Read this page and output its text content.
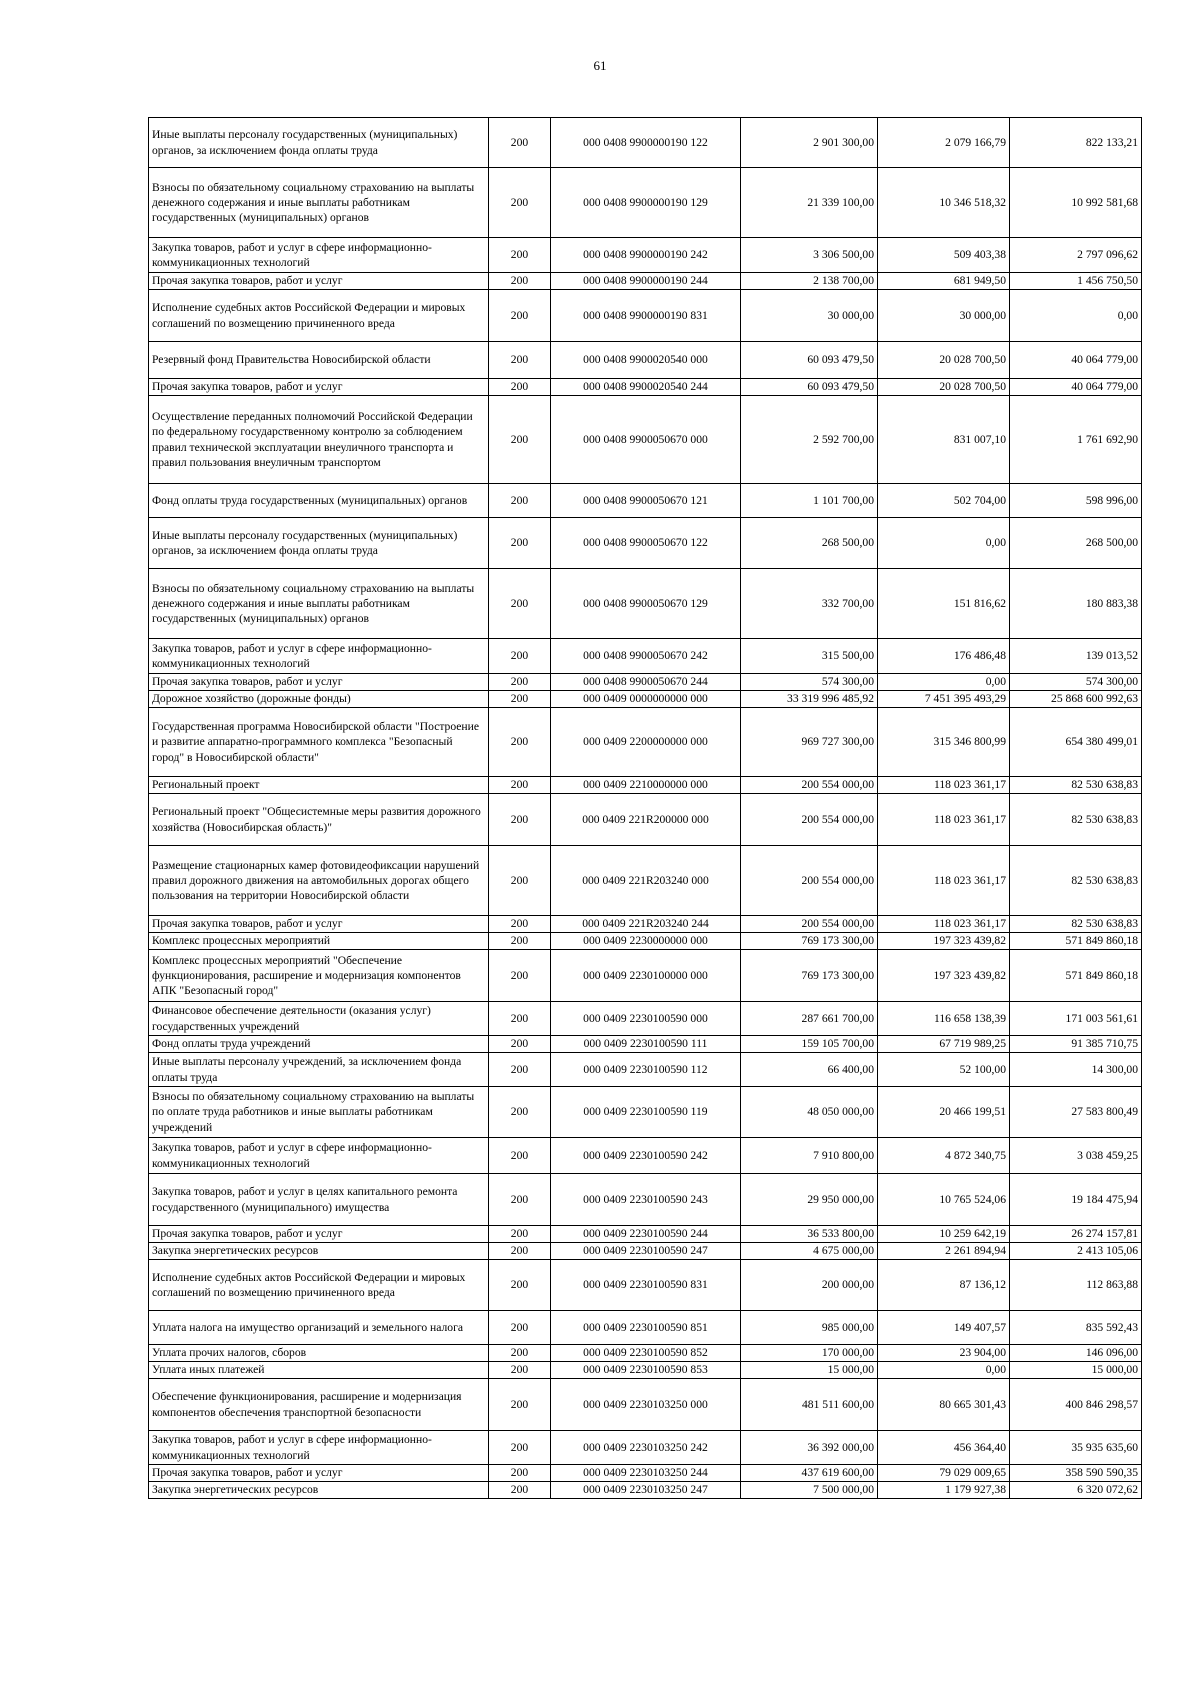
61
Иные выплаты персоналу государственных (муниципальных) органов, за исключением фонда оплаты труда	200	000 0408 9900000190 122	2 901 300,00	2 079 166,79	822 133,21
Взносы по обязательному социальному страхованию на выплаты денежного содержания и иные выплаты работникам государственных (муниципальных) органов	200	000 0408 9900000190 129	21 339 100,00	10 346 518,32	10 992 581,68
Закупка товаров, работ и услуг в сфере информационно-коммуникационных технологий	200	000 0408 9900000190 242	3 306 500,00	509 403,38	2 797 096,62
Прочая закупка товаров, работ и услуг	200	000 0408 9900000190 244	2 138 700,00	681 949,50	1 456 750,50
Исполнение судебных актов Российской Федерации и мировых соглашений по возмещению причиненного вреда	200	000 0408 9900000190 831	30 000,00	30 000,00	0,00
Резервный фонд Правительства Новосибирской области	200	000 0408 9900020540 000	60 093 479,50	20 028 700,50	40 064 779,00
Прочая закупка товаров, работ и услуг	200	000 0408 9900020540 244	60 093 479,50	20 028 700,50	40 064 779,00
Осуществление переданных полномочий Российской Федерации по федеральному государственному контролю за соблюдением правил технической эксплуатации внеуличного транспорта и правил пользования внеуличным транспортом	200	000 0408 9900050670 000	2 592 700,00	831 007,10	1 761 692,90
Фонд оплаты труда государственных (муниципальных) органов	200	000 0408 9900050670 121	1 101 700,00	502 704,00	598 996,00
Иные выплаты персоналу государственных (муниципальных) органов, за исключением фонда оплаты труда	200	000 0408 9900050670 122	268 500,00	0,00	268 500,00
Взносы по обязательному социальному страхованию на выплаты денежного содержания и иные выплаты работникам государственных (муниципальных) органов	200	000 0408 9900050670 129	332 700,00	151 816,62	180 883,38
Закупка товаров, работ и услуг в сфере информационно-коммуникационных технологий	200	000 0408 9900050670 242	315 500,00	176 486,48	139 013,52
Прочая закупка товаров, работ и услуг	200	000 0408 9900050670 244	574 300,00	0,00	574 300,00
Дорожное хозяйство (дорожные фонды)	200	000 0409 0000000000 000	33 319 996 485,92	7 451 395 493,29	25 868 600 992,63
Государственная программа Новосибирской области "Построение и развитие аппаратно-программного комплекса "Безопасный город" в Новосибирской области"	200	000 0409 2200000000 000	969 727 300,00	315 346 800,99	654 380 499,01
Региональный проект	200	000 0409 2210000000 000	200 554 000,00	118 023 361,17	82 530 638,83
Региональный проект "Общесистемные меры развития дорожного хозяйства (Новосибирская область)"	200	000 0409 221R200000 000	200 554 000,00	118 023 361,17	82 530 638,83
Размещение стационарных камер фотовидеофиксации нарушений правил дорожного движения на автомобильных дорогах общего пользования на территории Новосибирской области	200	000 0409 221R203240 000	200 554 000,00	118 023 361,17	82 530 638,83
Прочая закупка товаров, работ и услуг	200	000 0409 221R203240 244	200 554 000,00	118 023 361,17	82 530 638,83
Комплекс процессных мероприятий	200	000 0409 2230000000 000	769 173 300,00	197 323 439,82	571 849 860,18
Комплекс процессных мероприятий "Обеспечение функционирования, расширение и модернизация компонентов АПК "Безопасный город"	200	000 0409 2230100000 000	769 173 300,00	197 323 439,82	571 849 860,18
Финансовое обеспечение деятельности (оказания услуг) государственных учреждений	200	000 0409 2230100590 000	287 661 700,00	116 658 138,39	171 003 561,61
Фонд оплаты труда учреждений	200	000 0409 2230100590 111	159 105 700,00	67 719 989,25	91 385 710,75
Иные выплаты персоналу учреждений, за исключением фонда оплаты труда	200	000 0409 2230100590 112	66 400,00	52 100,00	14 300,00
Взносы по обязательному социальному страхованию на выплаты по оплате труда работников и иные выплаты работникам учреждений	200	000 0409 2230100590 119	48 050 000,00	20 466 199,51	27 583 800,49
Закупка товаров, работ и услуг в сфере информационно-коммуникационных технологий	200	000 0409 2230100590 242	7 910 800,00	4 872 340,75	3 038 459,25
Закупка товаров, работ и услуг в целях капитального ремонта государственного (муниципального) имущества	200	000 0409 2230100590 243	29 950 000,00	10 765 524,06	19 184 475,94
Прочая закупка товаров, работ и услуг	200	000 0409 2230100590 244	36 533 800,00	10 259 642,19	26 274 157,81
Закупка энергетических ресурсов	200	000 0409 2230100590 247	4 675 000,00	2 261 894,94	2 413 105,06
Исполнение судебных актов Российской Федерации и мировых соглашений по возмещению причиненного вреда	200	000 0409 2230100590 831	200 000,00	87 136,12	112 863,88
Уплата налога на имущество организаций и земельного налога	200	000 0409 2230100590 851	985 000,00	149 407,57	835 592,43
Уплата прочих налогов, сборов	200	000 0409 2230100590 852	170 000,00	23 904,00	146 096,00
Уплата иных платежей	200	000 0409 2230100590 853	15 000,00	0,00	15 000,00
Обеспечение функционирования, расширение и модернизация компонентов обеспечения транспортной безопасности	200	000 0409 2230103250 000	481 511 600,00	80 665 301,43	400 846 298,57
Закупка товаров, работ и услуг в сфере информационно-коммуникационных технологий	200	000 0409 2230103250 242	36 392 000,00	456 364,40	35 935 635,60
Прочая закупка товаров, работ и услуг	200	000 0409 2230103250 244	437 619 600,00	79 029 009,65	358 590 590,35
Закупка энергетических ресурсов	200	000 0409 2230103250 247	7 500 000,00	1 179 927,38	6 320 072,62
